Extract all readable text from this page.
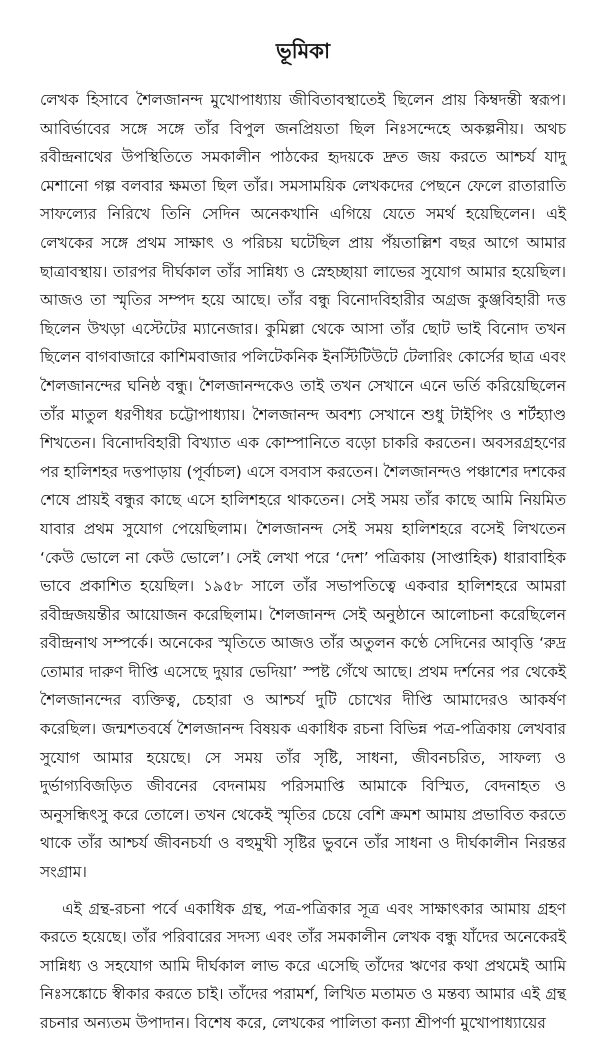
ভূমিকা

লেখক হিসাবে শৈলজানন্দ মুখোপাধ্যায় জীবিতাবস্থাতেই ছিলেন প্রায় কিম্বদন্তী স্বরূপ। আবির্ভাবের সঙ্গে সঙ্গে তাঁর বিপুল জনপ্রিয়তা ছিল নিঃসন্দেহে অকল্পনীয়। অথচ রবীন্দ্রনাথের উপস্থিতিতে সমকালীন পাঠকের হৃদয়কে দ্রুত জয় করতে আশ্চর্য যাদু মেশানো গল্প বলবার ক্ষমতা ছিল তাঁর। সমসাময়িক লেখকদের পেছনে ফেলে রাতারাতি সাফল্যের নিরিখে তিনি সেদিন অনেকখানি এগিয়ে যেতে সমর্থ হয়েছিলেন। এই লেখকের সঙ্গে প্রথম সাক্ষাৎ ও পরিচয় ঘটেছিল প্রায় পঁয়তাল্লিশ বছর আগে আমার ছাত্রাবস্থায়। তারপর দীর্ঘকাল তাঁর সান্নিধ্য ও স্নেহচ্ছায়া লাভের সুযোগ আমার হয়েছিল। আজও তা স্মৃতির সম্পদ হয়ে আছে। তাঁর বন্ধু বিনোদবিহারীর অগ্রজ কুঞ্জবিহারী দত্ত ছিলেন উখড়া এস্টেটের ম্যানেজার। কুমিল্লা থেকে আসা তাঁর ছোট ভাই বিনোদ তখন ছিলেন বাগবাজারে কাশিমবাজার পলিটেকনিক ইনস্টিটিউটে টেলারিং কোর্সের ছাত্র এবং শৈলজানন্দের ঘনিষ্ঠ বন্ধু। শৈলজানন্দকেও তাই তখন সেখানে এনে ভর্তি করিয়েছিলেন তাঁর মাতুল ধরণীধর চট্টোপাধ্যায়। শৈলজানন্দ অবশ্য সেখানে শুধু টাইপিং ও শর্টহ্যাণ্ড শিখতেন। বিনোদবিহারী বিখ্যাত এক কোম্পানিতে বড়ো চাকরি করতেন। অবসরগ্রহণের পর হালিশহর দত্তপাড়ায় (পূর্বাচল) এসে বসবাস করতেন। শৈলজানন্দও পঞ্চাশের দশকের শেষে প্রায়ই বন্ধুর কাছে এসে হালিশহরে থাকতেন। সেই সময় তাঁর কাছে আমি নিয়মিত যাবার প্রথম সুযোগ পেয়েছিলাম। শৈলজানন্দ সেই সময় হালিশহরে বসেই লিখতেন ‘কেউ ভোলে না কেউ ভোলে’। সেই লেখা পরে ‘দেশ’ পত্রিকায় (সাপ্তাহিক) ধারাবাহিক ভাবে প্রকাশিত হয়েছিল। ১৯৫৮ সালে তাঁর সভাপতিত্বে একবার হালিশহরে আমরা রবীন্দ্রজয়ন্তীর আয়োজন করেছিলাম। শৈলজানন্দ সেই অনুষ্ঠানে আলোচনা করেছিলেন রবীন্দ্রনাথ সম্পর্কে। অনেকের স্মৃতিতে আজও তাঁর অতুলন কণ্ঠে সেদিনের আবৃত্তি ‘রুদ্র তোমার দারুণ দীপ্তি এসেছে দুয়ার ভেদিয়া’ স্পষ্ট গেঁথে আছে। প্রথম দর্শনের পর থেকেই শৈলজানন্দের ব্যক্তিত্ব, চেহারা ও আশ্চর্য দুটি চোখের দীপ্তি আমাদেরও আকর্ষণ করেছিল। জন্মশতবর্ষে শৈলজানন্দ বিষয়ক একাধিক রচনা বিভিন্ন পত্র-পত্রিকায় লেখবার সুযোগ আমার হয়েছে। সে সময় তাঁর সৃষ্টি, সাধনা, জীবনচরিত, সাফল্য ও দুর্ভাগ্যবিজড়িত জীবনের বেদনাময় পরিসমাপ্তি আমাকে বিস্মিত, বেদনাহত ও অনুসন্ধিৎসু করে তোলে। তখন থেকেই স্মৃতির চেয়ে বেশি ক্রমশ আমায় প্রভাবিত করতে থাকে তাঁর আশ্চর্য জীবনচর্যা ও বহুমুখী সৃষ্টির ভুবনে তাঁর সাধনা ও দীর্ঘকালীন নিরন্তর সংগ্রাম।

এই গ্রন্থ-রচনা পর্বে একাধিক গ্রন্থ, পত্র-পত্রিকার সূত্র এবং সাক্ষাৎকার আমায় গ্রহণ করতে হয়েছে। তাঁর পরিবারের সদস্য এবং তাঁর সমকালীন লেখক বন্ধু যাঁদের অনেকেরই সান্নিধ্য ও সহযোগ আমি দীর্ঘকাল লাভ করে এসেছি তাঁদের ঋণের কথা প্রথমেই আমি নিঃসঙ্কোচে স্বীকার করতে চাই। তাঁদের পরামর্শ, লিখিত মতামত ও মন্তব্য আমার এই গ্রন্থ রচনার অন্যতম উপাদান। বিশেষ করে, লেখকের পালিতা কন্যা শ্রীপর্ণা মুখোপাধ্যায়ের
